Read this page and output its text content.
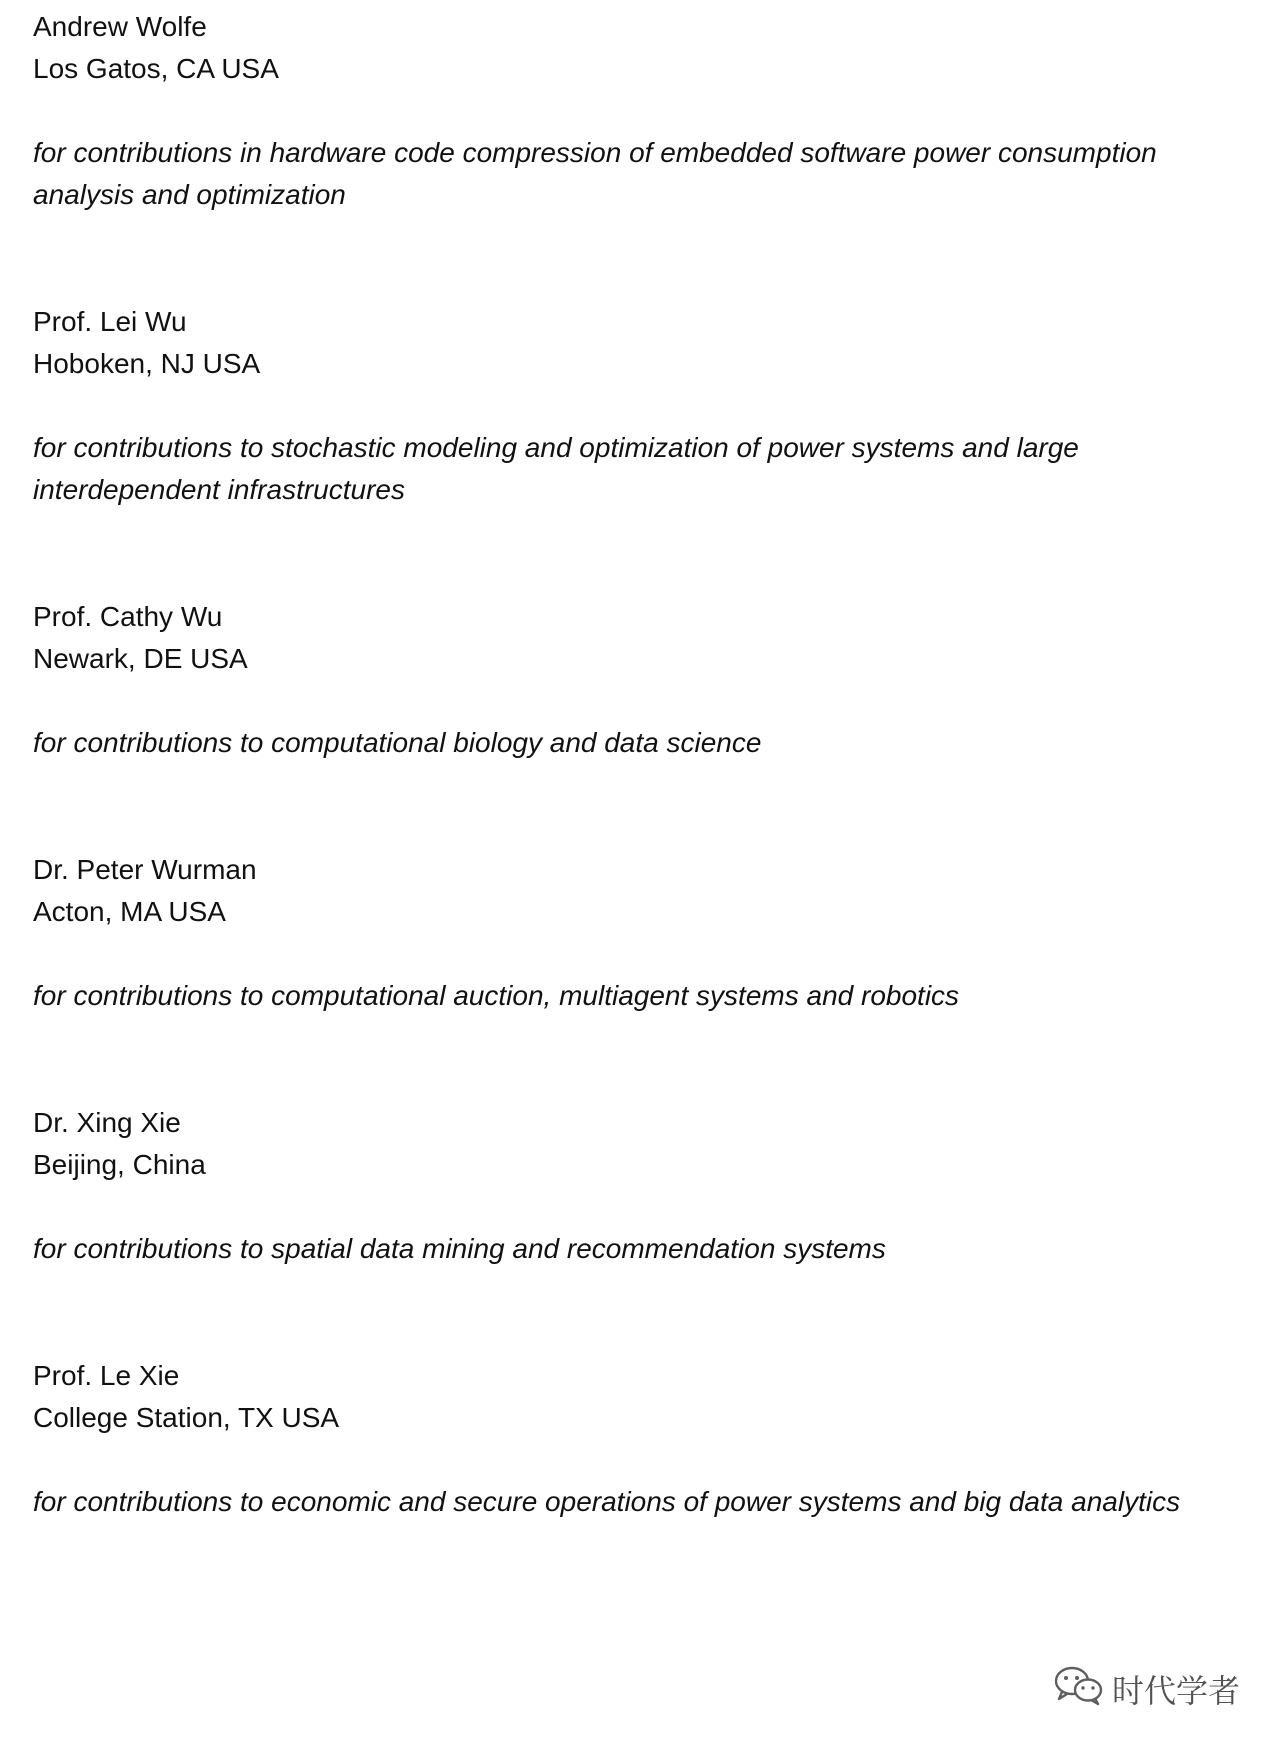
Andrew Wolfe
Los Gatos, CA USA
for contributions in hardware code compression of embedded software power consumption analysis and optimization
Prof. Lei Wu
Hoboken, NJ USA
for contributions to stochastic modeling and optimization of power systems and large interdependent infrastructures
Prof. Cathy Wu
Newark, DE USA
for contributions to computational biology and data science
Dr. Peter Wurman
Acton, MA USA
for contributions to computational auction, multiagent systems and robotics
Dr. Xing Xie
Beijing, China
for contributions to spatial data mining and recommendation systems
Prof. Le Xie
College Station, TX USA
for contributions to economic and secure operations of power systems and big data analytics
时代学者
